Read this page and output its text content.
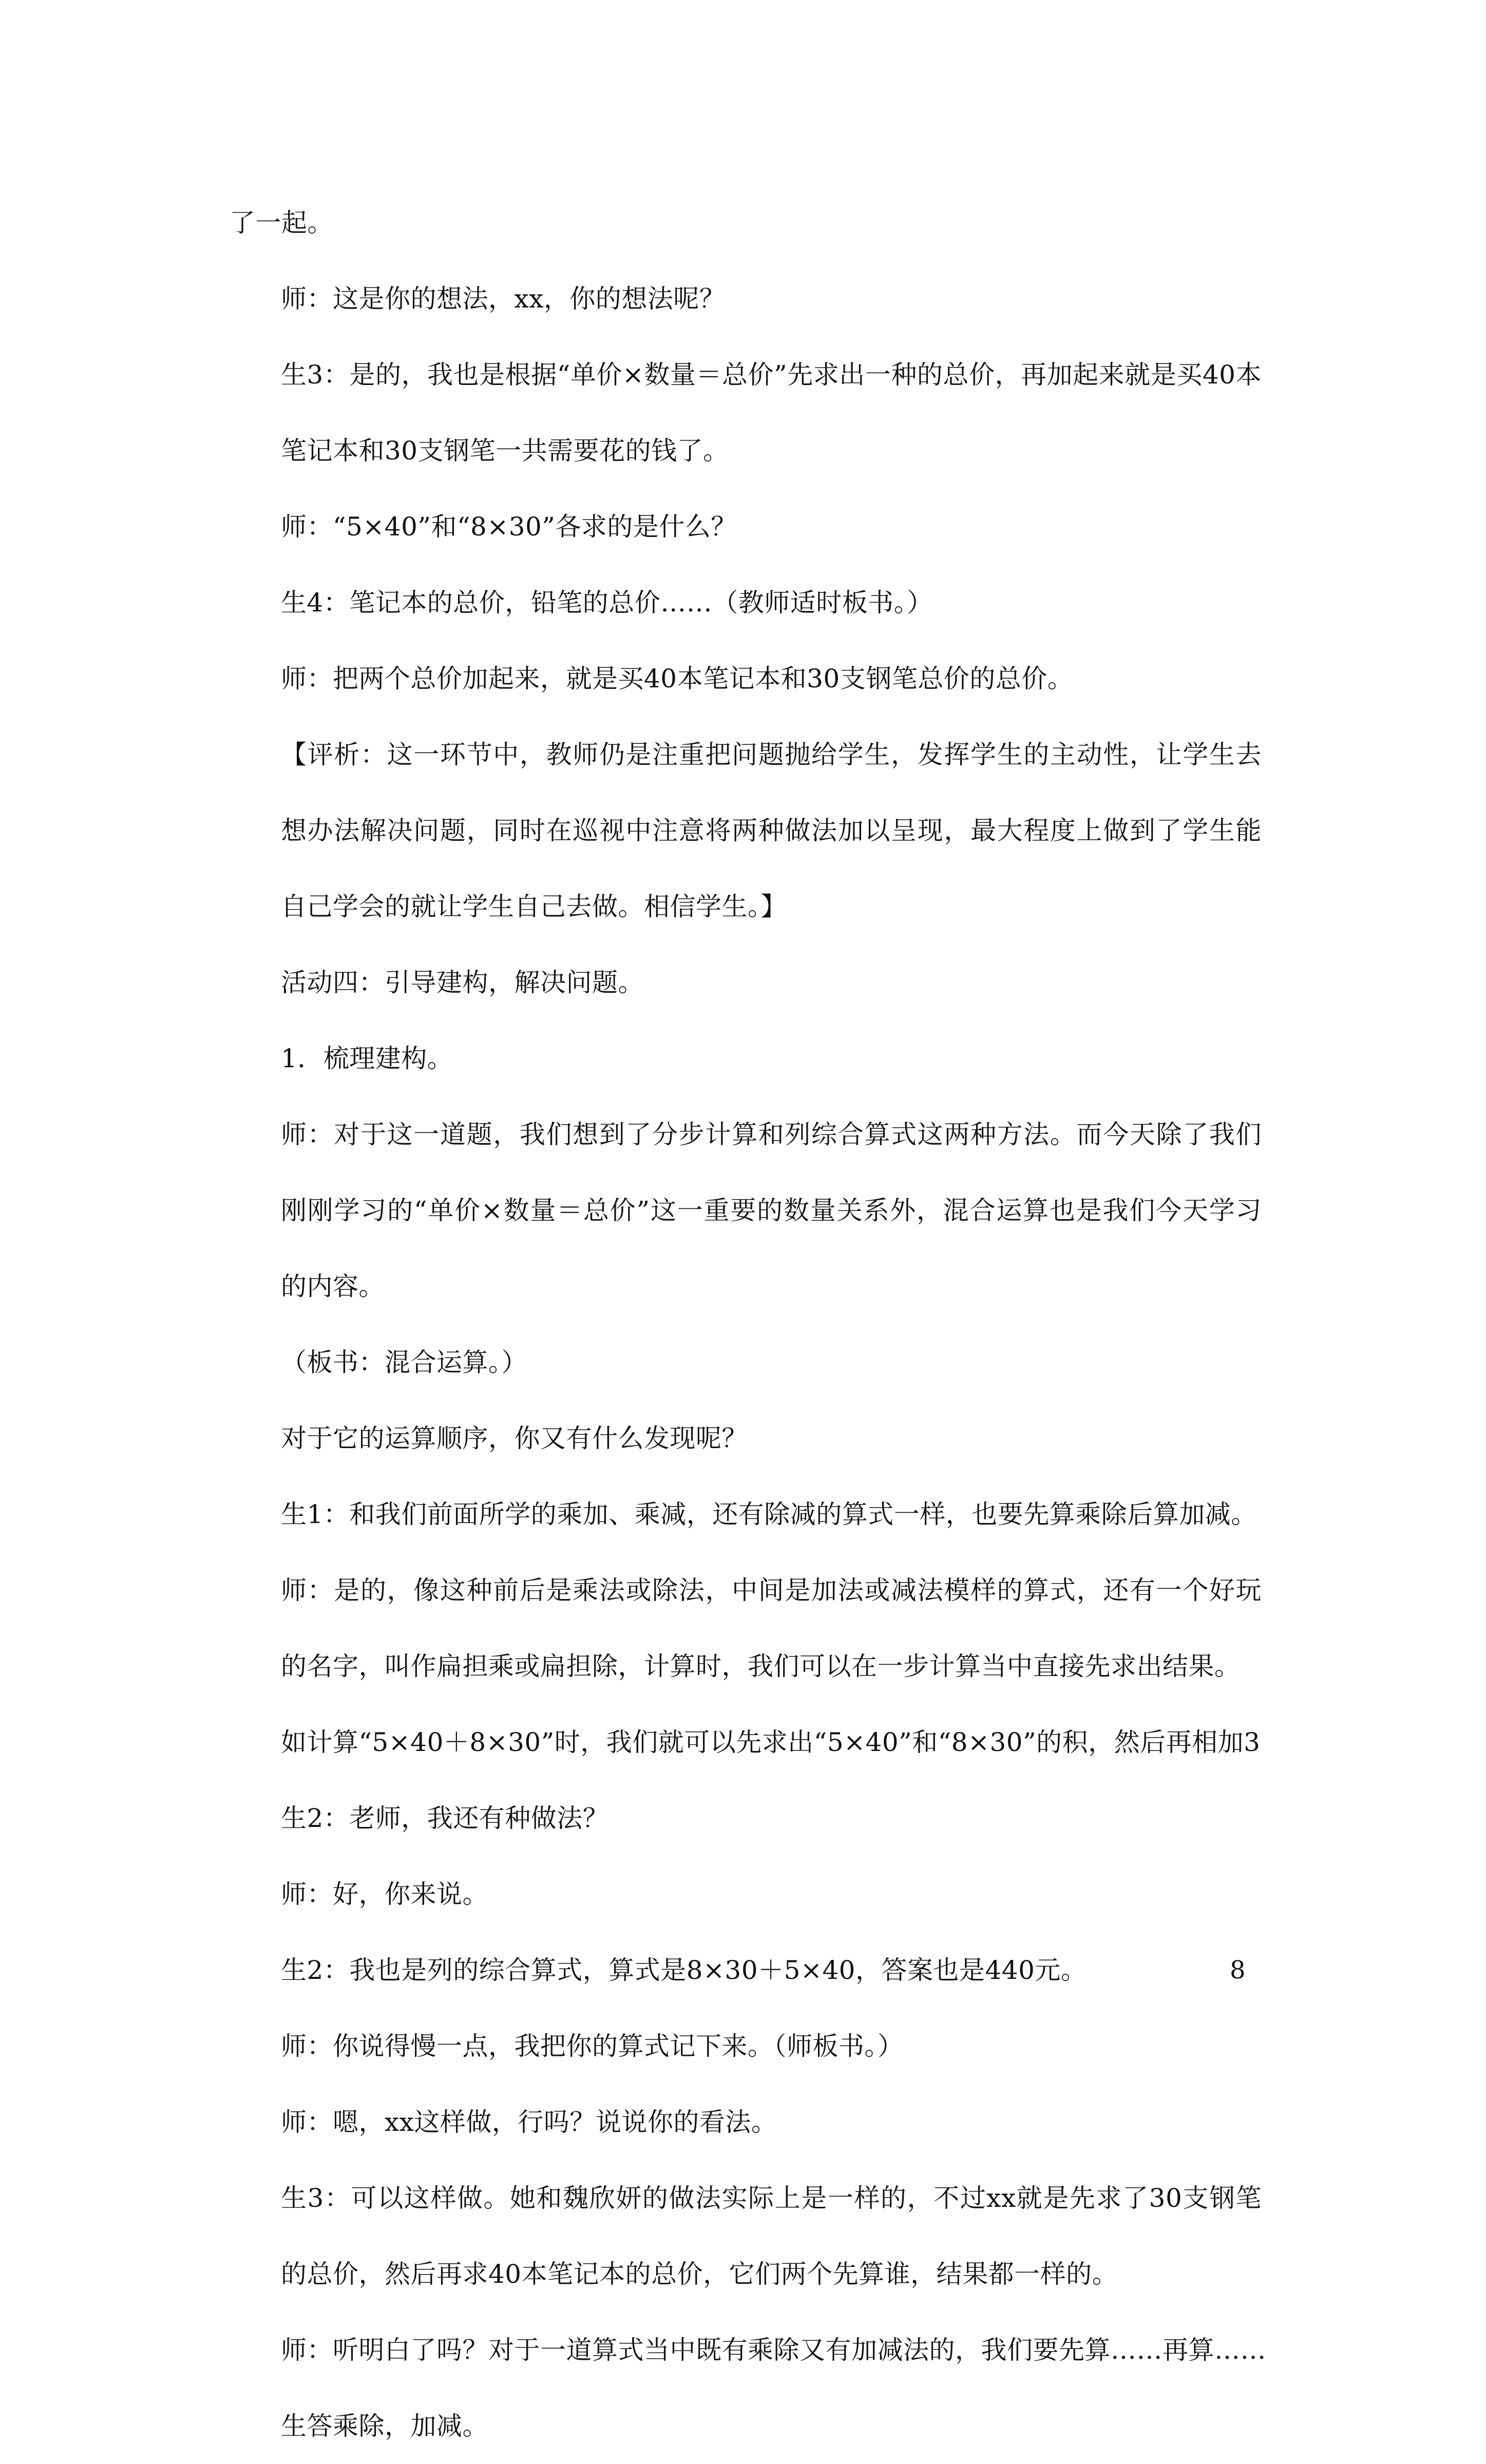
了一起。

师：这是你的想法，xx，你的想法呢？

生3：是的，我也是根据“单价×数量＝总价”先求出一种的总价，再加起来就是买40本笔记本和30支钢笔一共需要花的钱了。

师：“5×40”和“8×30”各求的是什么？

生4：笔记本的总价，铅笔的总价……（教师适时板书。）

师：把两个总价加起来，就是买40本笔记本和30支钢笔总价的总价。

【评析：这一环节中，教师仍是注重把问题抛给学生，发挥学生的主动性，让学生去想办法解决问题，同时在巡视中注意将两种做法加以呈现，最大程度上做到了学生能自己学会的就让学生自己去做。相信学生。】

活动四：引导建构，解决问题。

1．梳理建构。

师：对于这一道题，我们想到了分步计算和列综合算式这两种方法。而今天除了我们刚刚学习的“单价×数量＝总价”这一重要的数量关系外，混合运算也是我们今天学习的内容。

（板书：混合运算。）

对于它的运算顺序，你又有什么发现呢？

生1：和我们前面所学的乘加、乘减，还有除减的算式一样，也要先算乘除后算加减。

师：是的，像这种前后是乘法或除法，中间是加法或减法模样的算式，还有一个好玩的名字，叫作扁担乘或扁担除，计算时，我们可以在一步计算当中直接先求出结果。

如计算“5×40＋8×30”时，我们就可以先求出“5×40”和“8×30”的积，然后再相加3

生2：老师，我还有种做法？

师：好，你来说。

生2：我也是列的综合算式，算式是8×30＋5×40，答案也是440元。

师：你说得慢一点，我把你的算式记下来。（师板书。）

师：嗯，xx这样做，行吗？说说你的看法。

生3：可以这样做。她和魏欣妍的做法实际上是一样的，不过xx就是先求了30支钢笔的总价，然后再求40本笔记本的总价，它们两个先算谁，结果都一样的。

师：听明白了吗？对于一道算式当中既有乘除又有加减法的，我们要先算……再算……

生答乘除，加减。

8
